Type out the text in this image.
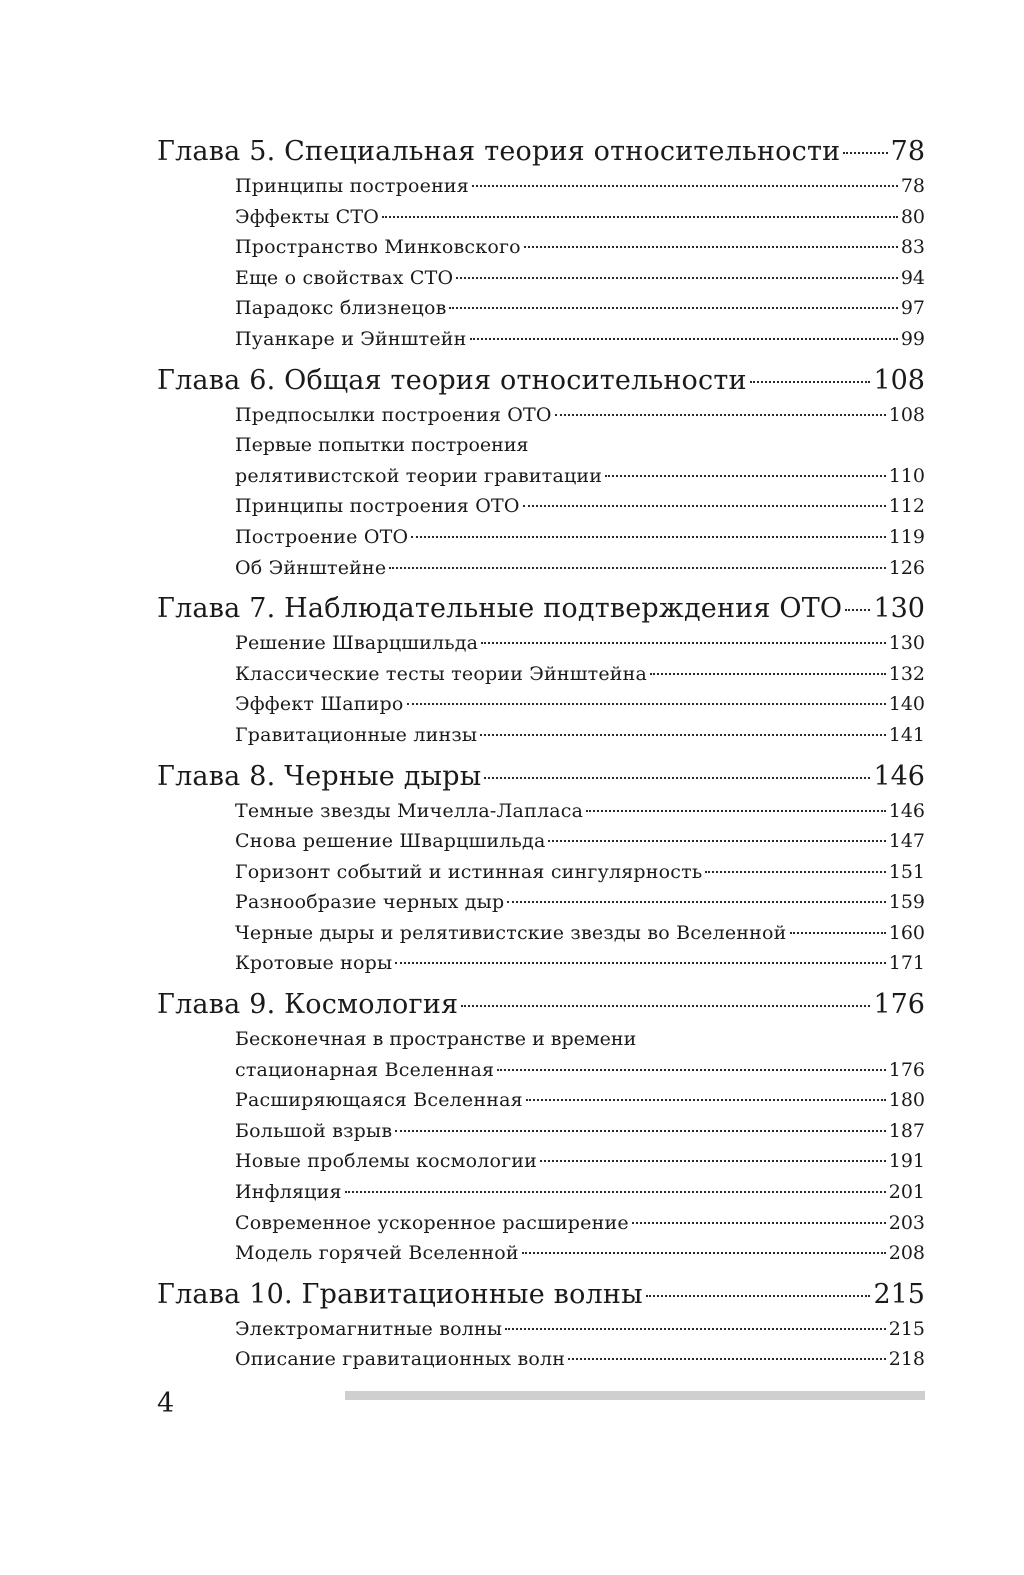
Глава 5. Специальная теория относительности 78
Принципы построения	78
Эффекты СТО	80
Пространство Минковского	83
Еще о свойствах СТО	94
Парадокс близнецов	97
Пуанкаре и Эйнштейн	99
Глава 6. Общая теория относительности	108
Предпосылки построения ОТО	108
Первые попытки построения
релятивистской теории гравитации	110
Принципы построения ОТО	112
Построение ОТО	119
Об Эйнштейне	126
Глава 7. Наблюдательные подтверждения ОТО 130
Решение Шварцшильда	130
Классические тесты теории Эйнштейна	132
Эффект Шапиро	140
Гравитационные линзы	141
Глава 8. Черные дыры	146
Темные звезды Мичелла-Лапласа	146
Снова решение Шварцшильда	147
Горизонт событий и истинная сингулярность	151
Разнообразие черных дыр	159
Черные дыры и релятивистские звезды во Вселенной	160
Кротовые норы	171
Глава 9. Космология	176
Бесконечная в пространстве и времени
стационарная Вселенная	176
Расширяющаяся Вселенная	180
Большой взрыв	187
Новые проблемы космологии	191
Инфляция	201
Современное ускоренное расширение	203
Модель горячей Вселенной	208
Глава 10. Гравитационные волны	215
Электромагнитные волны	215
Описание гравитационных волн	218
4
